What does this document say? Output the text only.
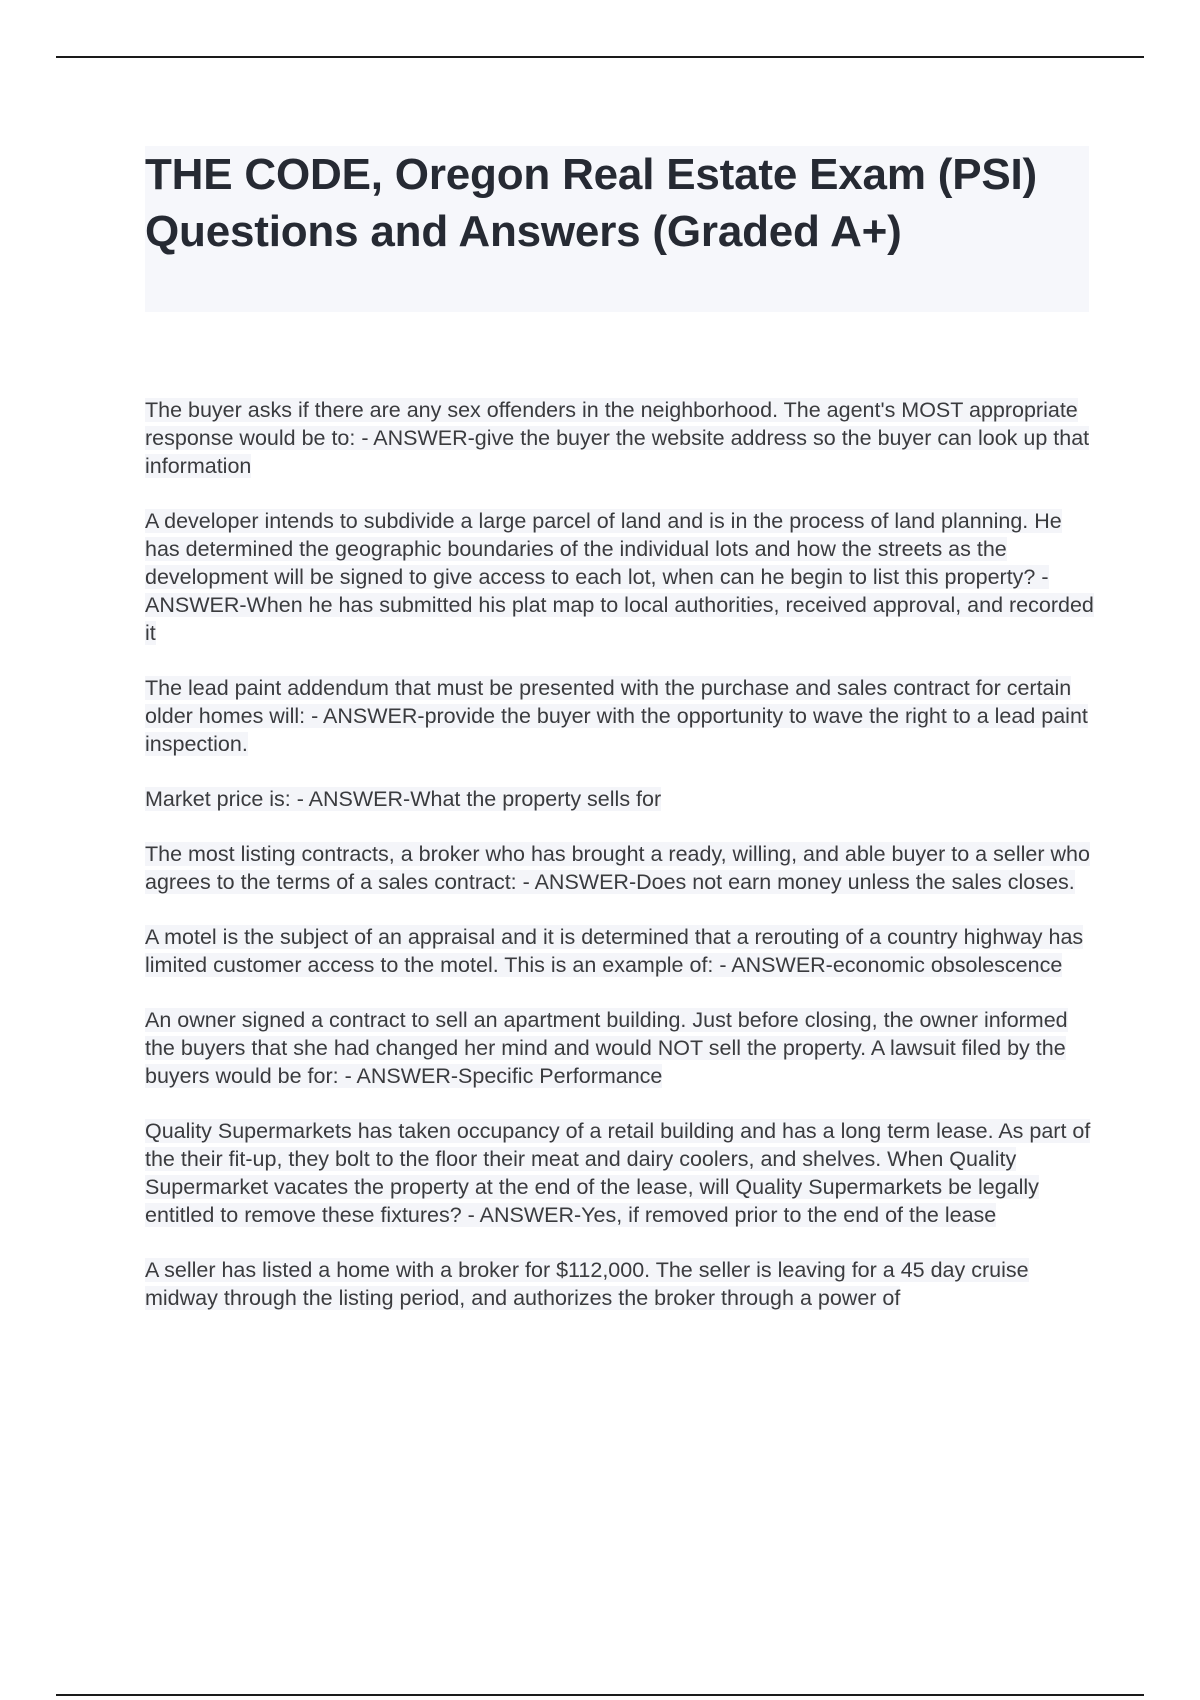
THE CODE, Oregon Real Estate Exam (PSI) Questions and Answers (Graded A+)
The buyer asks if there are any sex offenders in the neighborhood. The agent's MOST appropriate response would be to: - ANSWER-give the buyer the website address so the buyer can look up that information
A developer intends to subdivide a large parcel of land and is in the process of land planning. He has determined the geographic boundaries of the individual lots and how the streets as the development will be signed to give access to each lot, when can he begin to list this property? - ANSWER-When he has submitted his plat map to local authorities, received approval, and recorded it
The lead paint addendum that must be presented with the purchase and sales contract for certain older homes will: - ANSWER-provide the buyer with the opportunity to wave the right to a lead paint inspection.
Market price is: - ANSWER-What the property sells for
The most listing contracts, a broker who has brought a ready, willing, and able buyer to a seller who agrees to the terms of a sales contract: - ANSWER-Does not earn money unless the sales closes.
A motel is the subject of an appraisal and it is determined that a rerouting of a country highway has limited customer access to the motel. This is an example of: - ANSWER-economic obsolescence
An owner signed a contract to sell an apartment building. Just before closing, the owner informed the buyers that she had changed her mind and would NOT sell the property. A lawsuit filed by the buyers would be for: - ANSWER-Specific Performance
Quality Supermarkets has taken occupancy of a retail building and has a long term lease. As part of the their fit-up, they bolt to the floor their meat and dairy coolers, and shelves. When Quality Supermarket vacates the property at the end of the lease, will Quality Supermarkets be legally entitled to remove these fixtures? - ANSWER-Yes, if removed prior to the end of the lease
A seller has listed a home with a broker for $112,000. The seller is leaving for a 45 day cruise midway through the listing period, and authorizes the broker through a power of
